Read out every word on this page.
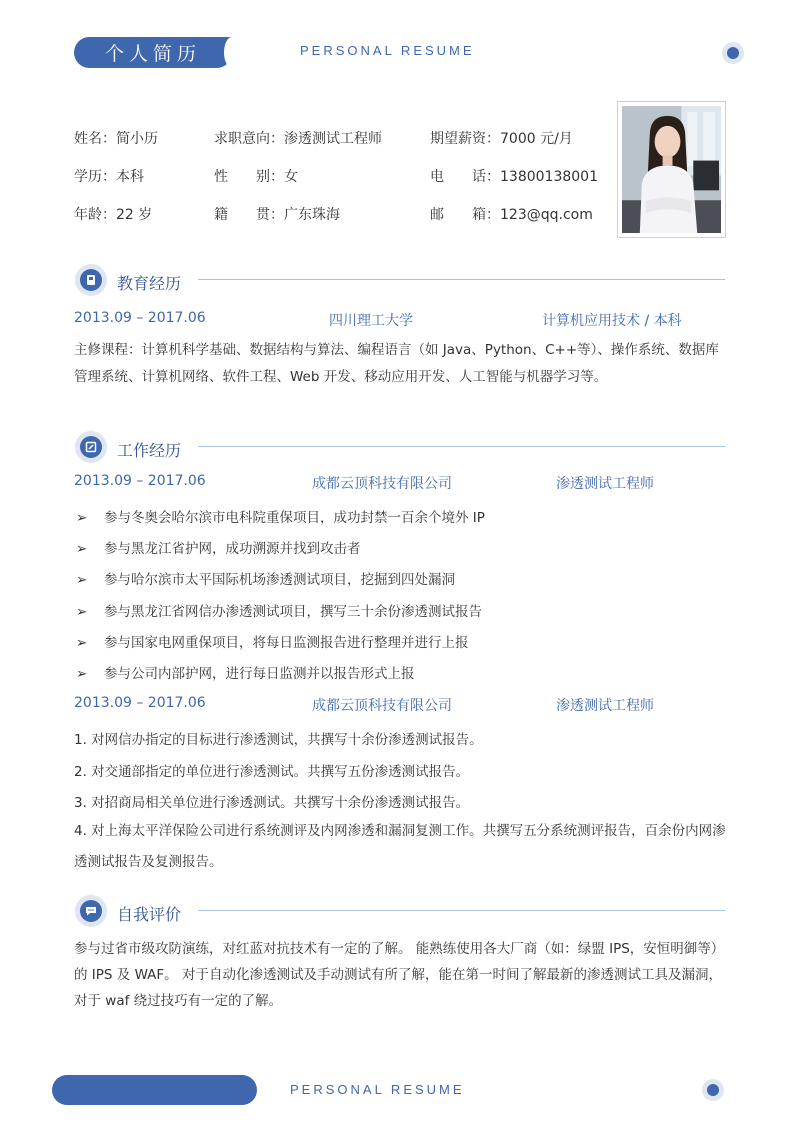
个人简历	PERSONAL RESUME
姓名：简小历	求职意向：渗透测试工程师	期望薪资：7000 元/月
学历：本科	性　　别：女	电　　话：13800138001
年龄：22 岁	籍　　贯：广东珠海	邮　　箱：123@qq.com
教育经历
2013.09 – 2017.06	四川理工大学	计算机应用技术 / 本科
主修课程：计算机科学基础、数据结构与算法、编程语言（如 Java、Python、C++等）、操作系统、数据库管理系统、计算机网络、软件工程、Web 开发、移动应用开发、人工智能与机器学习等。
工作经历
2013.09 – 2017.06	成都云顶科技有限公司	渗透测试工程师
➢ 参与冬奥会哈尔滨市电科院重保项目，成功封禁一百余个境外 IP
➢ 参与黑龙江省护网，成功溯源并找到攻击者
➢ 参与哈尔滨市太平国际机场渗透测试项目，挖掘到四处漏洞
➢ 参与黑龙江省网信办渗透测试项目，撰写三十余份渗透测试报告
➢ 参与国家电网重保项目，将每日监测报告进行整理并进行上报
➢ 参与公司内部护网，进行每日监测并以报告形式上报
2013.09 – 2017.06	成都云顶科技有限公司	渗透测试工程师
1. 对网信办指定的目标进行渗透测试，共撰写十余份渗透测试报告。
2. 对交通部指定的单位进行渗透测试。共撰写五份渗透测试报告。
3. 对招商局相关单位进行渗透测试。共撰写十余份渗透测试报告。
4. 对上海太平洋保险公司进行系统测评及内网渗透和漏洞复测工作。共撰写五分系统测评报告，百余份内网渗透测试报告及复测报告。
自我评价
参与过省市级攻防演练，对红蓝对抗技术有一定的了解。 能熟练使用各大厂商（如：绿盟 IPS，安恒明御等）的 IPS 及 WAF。 对于自动化渗透测试及手动测试有所了解，能在第一时间了解最新的渗透测试工具及漏洞，对于 waf 绕过技巧有一定的了解。
PERSONAL RESUME
